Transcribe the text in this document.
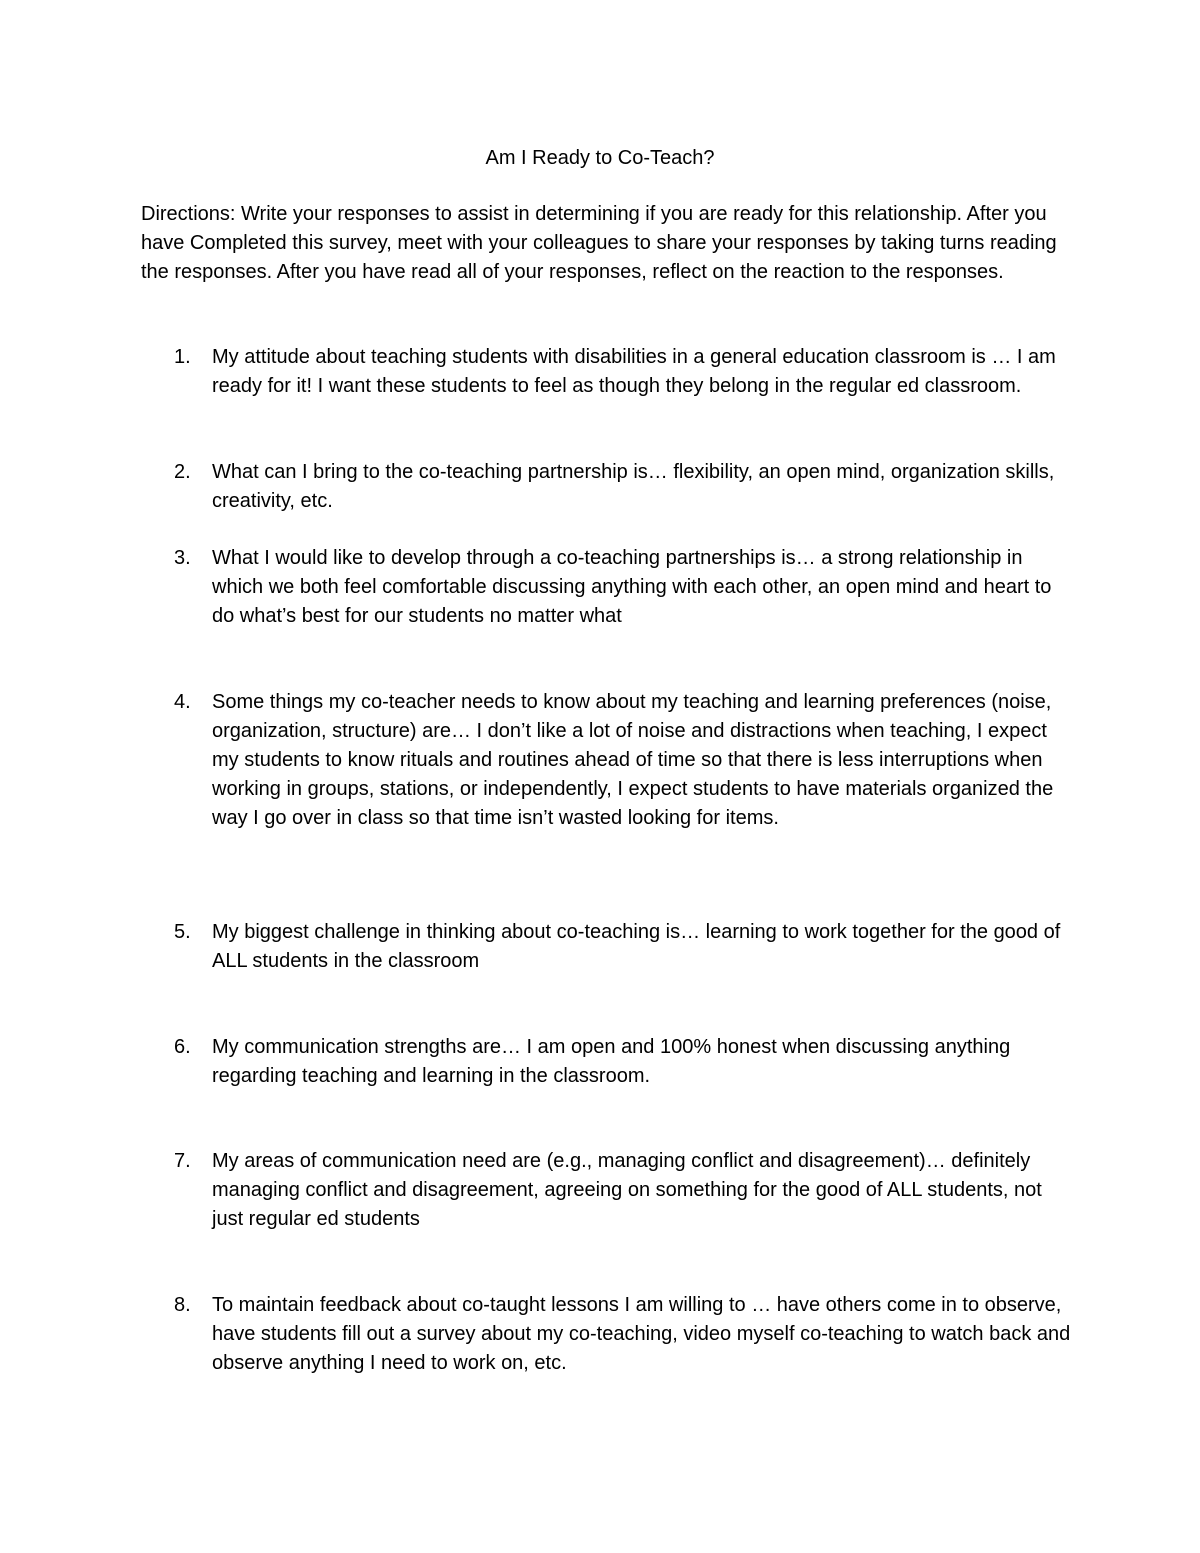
Am I Ready to Co-Teach?
Directions: Write your responses to assist in determining if you are ready for this relationship. After you have Completed this survey, meet with your colleagues to share your responses by taking turns reading the responses. After you have read all of your responses, reflect on the reaction to the responses.
1.	My attitude about teaching students with disabilities in a general education classroom is … I am ready for it! I want these students to feel as though they belong in the regular ed classroom.
2.	What can I bring to the co-teaching partnership is… flexibility, an open mind, organization skills, creativity, etc.
3.	What I would like to develop through a co-teaching partnerships is… a strong relationship in which we both feel comfortable discussing anything with each other, an open mind and heart to do what’s best for our students no matter what
4.	Some things my co-teacher needs to know about my teaching and learning preferences (noise, organization, structure) are… I don’t like a lot of noise and distractions when teaching, I expect my students to know rituals and routines ahead of time so that there is less interruptions when working in groups, stations, or independently, I expect students to have materials organized the way I go over in class so that time isn’t wasted looking for items.
5.	My biggest challenge in thinking about co-teaching is… learning to work together for the good of ALL students in the classroom
6.	My communication strengths are… I am open and 100% honest when discussing anything regarding teaching and learning in the classroom.
7.	My areas of communication need are (e.g., managing conflict and disagreement)… definitely managing conflict and disagreement, agreeing on something for the good of ALL students, not just regular ed students
8.	To maintain feedback about co-taught lessons I am willing to … have others come in to observe, have students fill out a survey about my co-teaching, video myself co-teaching to watch back and observe anything I need to work on, etc.
